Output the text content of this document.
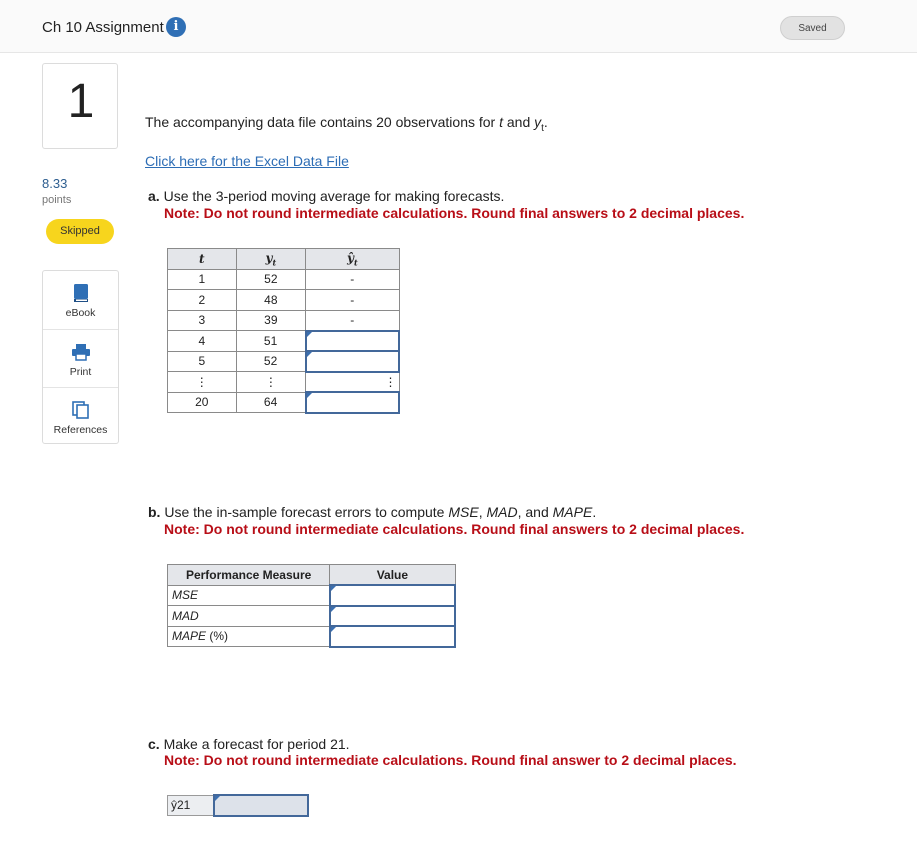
Ch 10 Assignment i	Saved
1
8.33
points
Skipped
eBook
Print
References
The accompanying data file contains 20 observations for t and $y_t$.
Click here for the Excel Data File
a. Use the 3-period moving average for making forecasts.
Note: Do not round intermediate calculations. Round final answers to 2 decimal places.
t	$y_t$	$ŷ_t$
1	52	-
2	48	-
3	39	-
4	51	
5	52	
⋮	⋮	⋮
20	64	
b. Use the in-sample forecast errors to compute MSE, MAD, and MAPE.
Note: Do not round intermediate calculations. Round final answers to 2 decimal places.
Performance Measure	Value
MSE	
MAD	
MAPE (%)	
c. Make a forecast for period 21.
Note: Do not round intermediate calculations. Round final answer to 2 decimal places.
ŷ21	
